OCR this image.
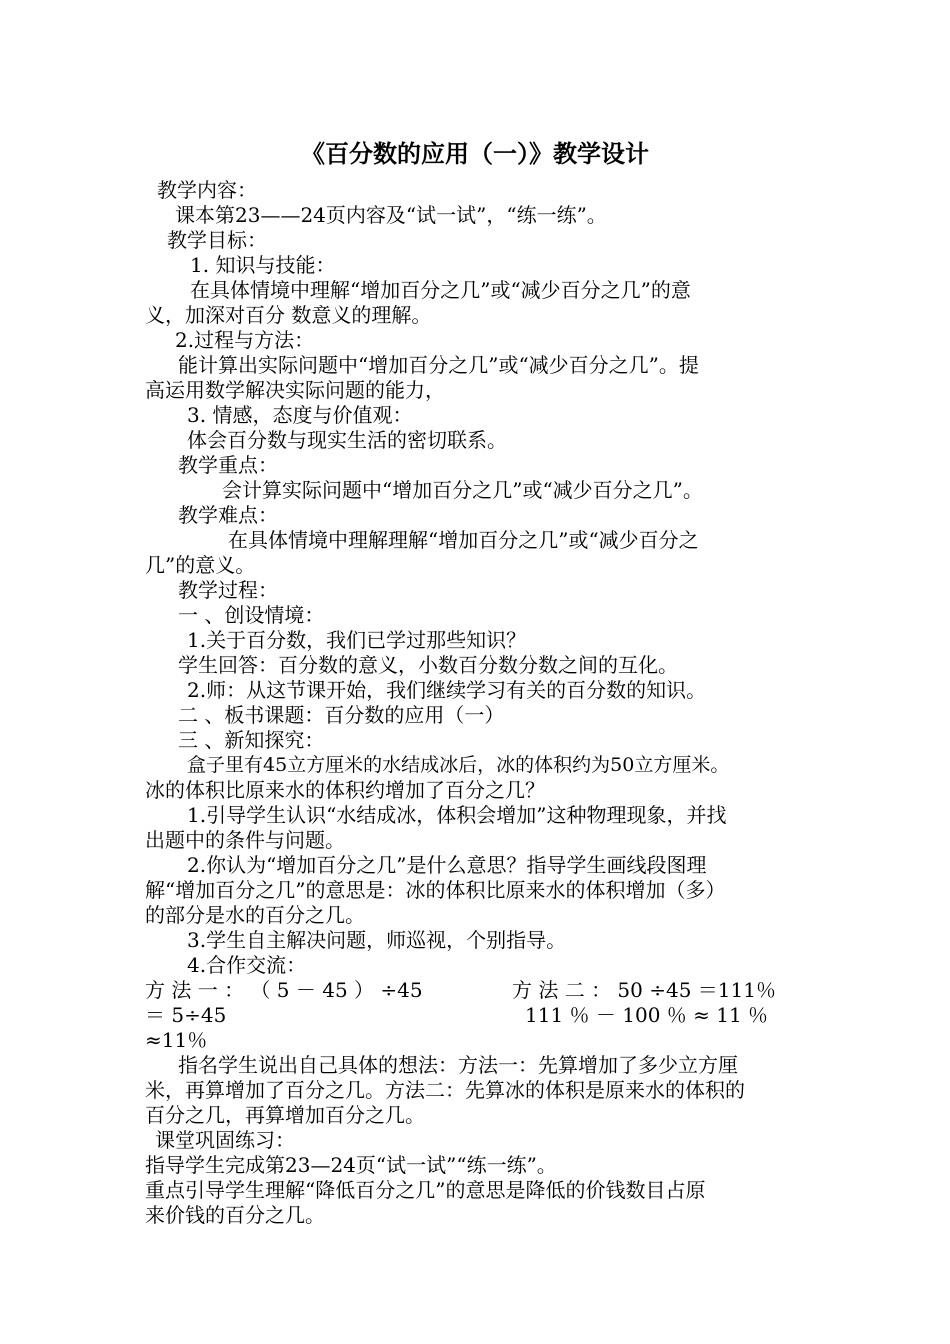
《百分数的应用（一）》教学设计
教学内容：
课本第23——24页内容及“试一试”，“练一练”。
教学目标：
1. 知识与技能：
在具体情境中理解“增加百分之几”或“减少百分之几”的意
义，加深对百分 数意义的理解。
2.过程与方法：
能计算出实际问题中“增加百分之几”或“减少百分之几”。提
高运用数学解决实际问题的能力，
3. 情感，态度与价值观：
体会百分数与现实生活的密切联系。
教学重点：
会计算实际问题中“增加百分之几”或“减少百分之几”。
教学难点：
在具体情境中理解理解“增加百分之几”或“减少百分之
几”的意义。
教学过程：
一 、创设情境：
1.关于百分数，我们已学过那些知识？
学生回答：百分数的意义，小数百分数分数之间的互化。
2.师：从这节课开始，我们继续学习有关的百分数的知识。
二 、板书课题：百分数的应用（一）
三 、新知探究：
盒子里有45立方厘米的水结成冰后，冰的体积约为50立方厘米。
冰的体积比原来水的体积约增加了百分之几？
1.引导学生认识“水结成冰，体积会增加”这种物理现象，并找
出题中的条件与问题。
2.你认为“增加百分之几”是什么意思？指导学生画线段图理
解“增加百分之几”的意思是：冰的体积比原来水的体积增加（多）
的部分是水的百分之几。
3.学生自主解决问题，师巡视，个别指导。
4.合作交流：
方 法 一 ： （ 5 － 45 ） ÷45
＝ 5÷45
≈11％
方 法 二 ： 50 ÷45 ＝111％
111 ％ － 100 ％ ≈ 11 ％
指名学生说出自己具体的想法：方法一：先算增加了多少立方厘
米，再算增加了百分之几。方法二：先算冰的体积是原来水的体积的
百分之几，再算增加百分之几。
课堂巩固练习：
指导学生完成第23—24页“试一试”“练一练”。
重点引导学生理解“降低百分之几”的意思是降低的价钱数目占原
来价钱的百分之几。
